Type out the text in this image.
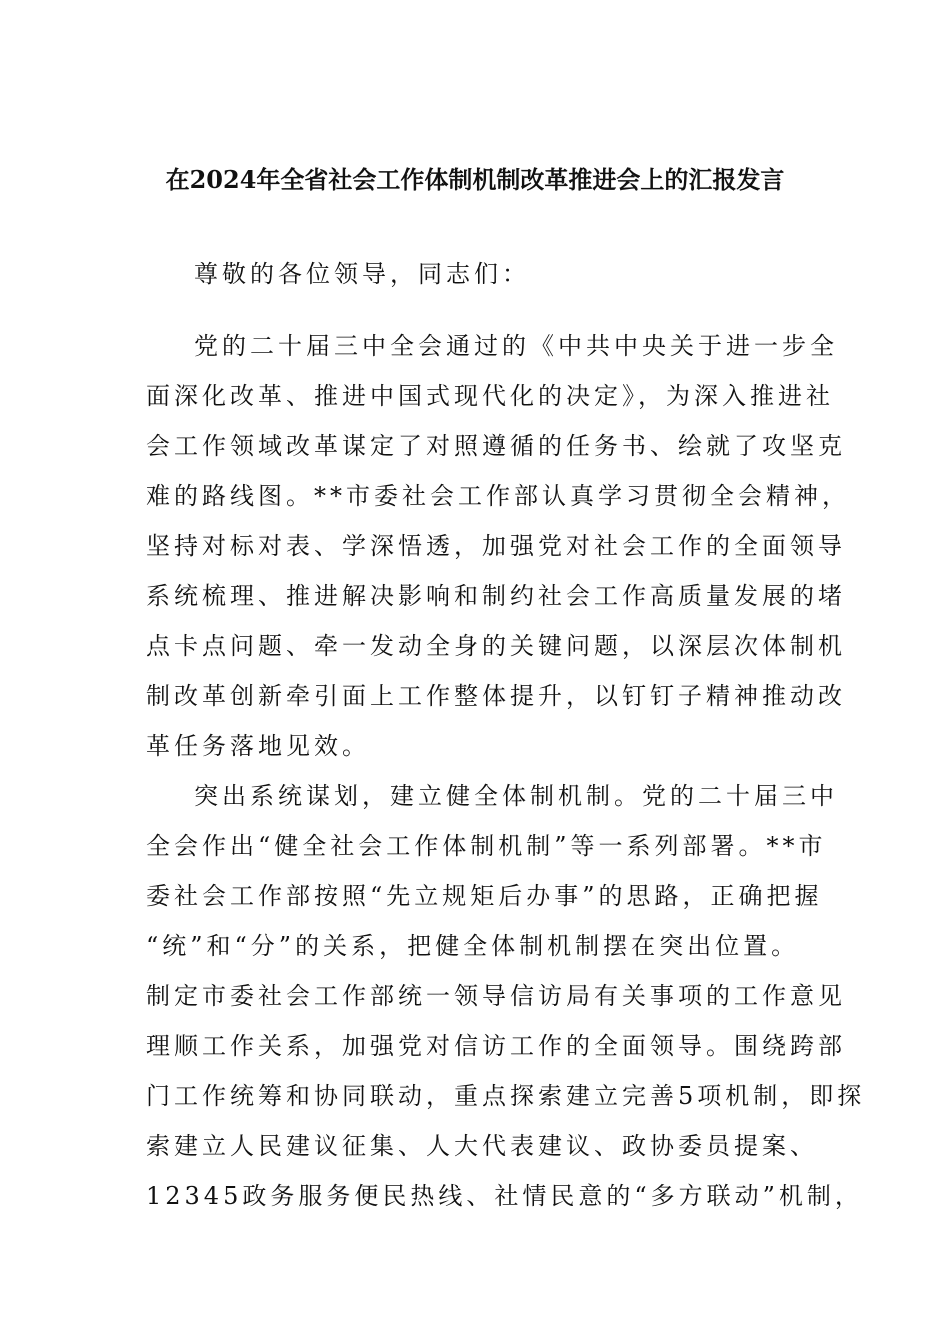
在2024年全省社会工作体制机制改革推进会上的汇报发言
尊敬的各位领导，同志们：
党的二十届三中全会通过的《中共中央关于进一步全
面深化改革、推进中国式现代化的决定》，为深入推进社
会工作领域改革谋定了对照遵循的任务书、绘就了攻坚克
难的路线图。**市委社会工作部认真学习贯彻全会精神，
坚持对标对表、学深悟透，加强党对社会工作的全面领导
系统梳理、推进解决影响和制约社会工作高质量发展的堵
点卡点问题、牵一发动全身的关键问题，以深层次体制机
制改革创新牵引面上工作整体提升，以钉钉子精神推动改
革任务落地见效。
突出系统谋划，建立健全体制机制。党的二十届三中
全会作出“健全社会工作体制机制”等一系列部署。**市
委社会工作部按照“先立规矩后办事”的思路，正确把握
“统”和“分”的关系，把健全体制机制摆在突出位置。
制定市委社会工作部统一领导信访局有关事项的工作意见
理顺工作关系，加强党对信访工作的全面领导。围绕跨部
门工作统筹和协同联动，重点探索建立完善5项机制，即探
索建立人民建议征集、人大代表建议、政协委员提案、
12345政务服务便民热线、社情民意的“多方联动”机制，
